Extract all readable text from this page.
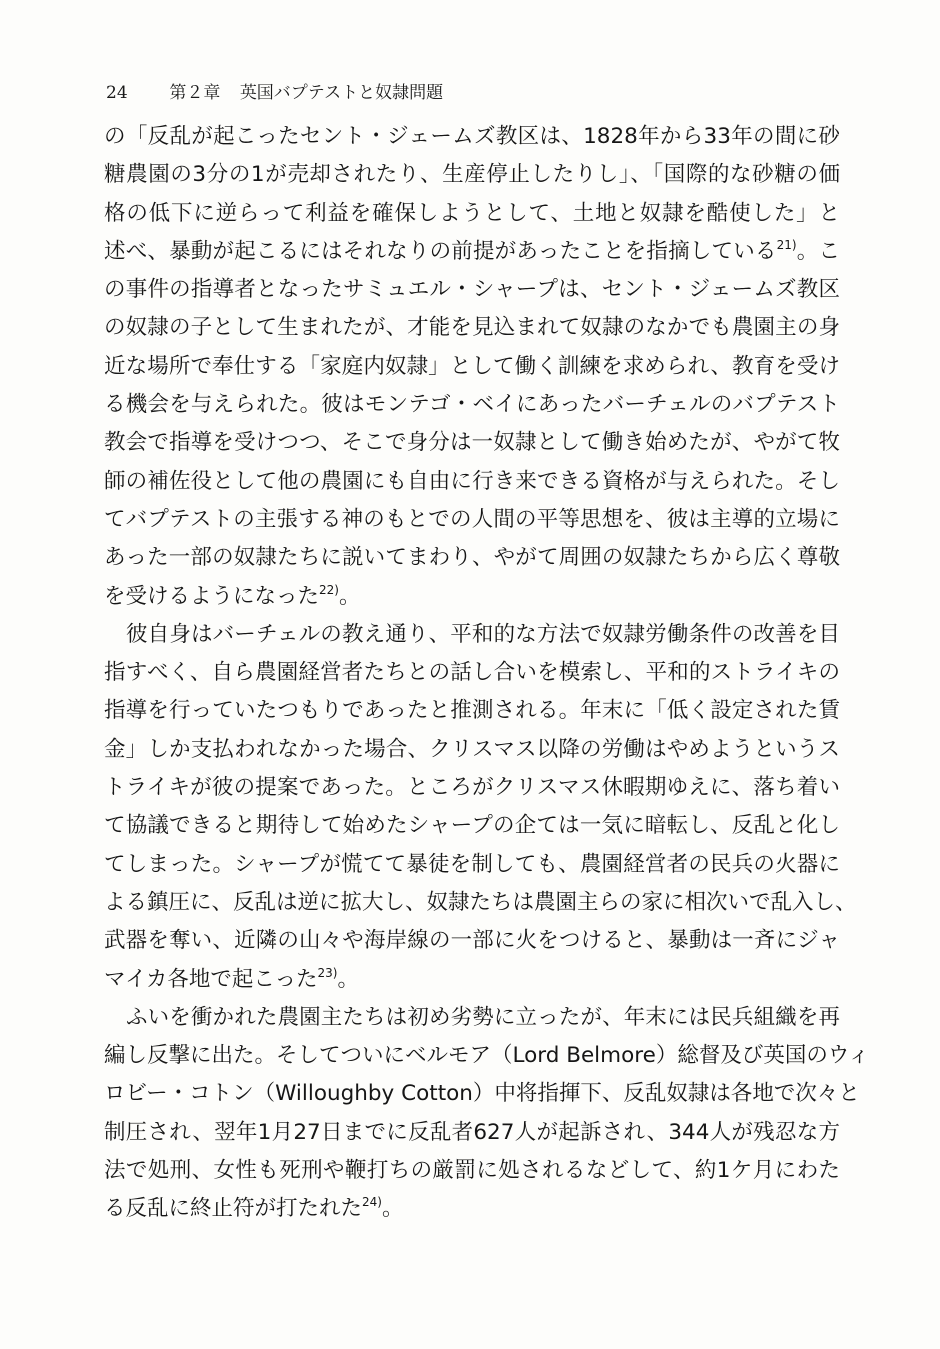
24 第２章 英国バプテストと奴隷問題
の「反乱が起こったセント・ジェームズ教区は、1828年から33年の間に砂
糖農園の3分の1が売却されたり、生産停止したりし」、「国際的な砂糖の価
格の低下に逆らって利益を確保しようとして、土地と奴隷を酷使した」と
述べ、暴動が起こるにはそれなりの前提があったことを指摘している$^{21)}$。こ
の事件の指導者となったサミュエル・シャープは、セント・ジェームズ教区
の奴隷の子として生まれたが、才能を見込まれて奴隷のなかでも農園主の身
近な場所で奉仕する「家庭内奴隷」として働く訓練を求められ、教育を受け
る機会を与えられた。彼はモンテゴ・ベイにあったバーチェルのバプテスト
教会で指導を受けつつ、そこで身分は一奴隷として働き始めたが、やがて牧
師の補佐役として他の農園にも自由に行き来できる資格が与えられた。そし
てバプテストの主張する神のもとでの人間の平等思想を、彼は主導的立場に
あった一部の奴隷たちに説いてまわり、やがて周囲の奴隷たちから広く尊敬
を受けるようになった$^{22)}$。
彼自身はバーチェルの教え通り、平和的な方法で奴隷労働条件の改善を目
指すべく、自ら農園経営者たちとの話し合いを模索し、平和的ストライキの
指導を行っていたつもりであったと推測される。年末に「低く設定された賃
金」しか支払われなかった場合、クリスマス以降の労働はやめようというス
トライキが彼の提案であった。ところがクリスマス休暇期ゆえに、落ち着い
て協議できると期待して始めたシャープの企ては一気に暗転し、反乱と化し
てしまった。シャープが慌てて暴徒を制しても、農園経営者の民兵の火器に
よる鎮圧に、反乱は逆に拡大し、奴隷たちは農園主らの家に相次いで乱入し、
武器を奪い、近隣の山々や海岸線の一部に火をつけると、暴動は一斉にジャ
マイカ各地で起こった$^{23)}$。
ふいを衝かれた農園主たちは初め劣勢に立ったが、年末には民兵組織を再
編し反撃に出た。そしてついにベルモア（Lord Belmore）総督及び英国のウィ
ロビー・コトン（Willoughby Cotton）中将指揮下、反乱奴隷は各地で次々と
制圧され、翌年1月27日までに反乱者627人が起訴され、344人が残忍な方
法で処刑、女性も死刑や鞭打ちの厳罰に処されるなどして、約1ケ月にわた
る反乱に終止符が打たれた$^{24)}$。
